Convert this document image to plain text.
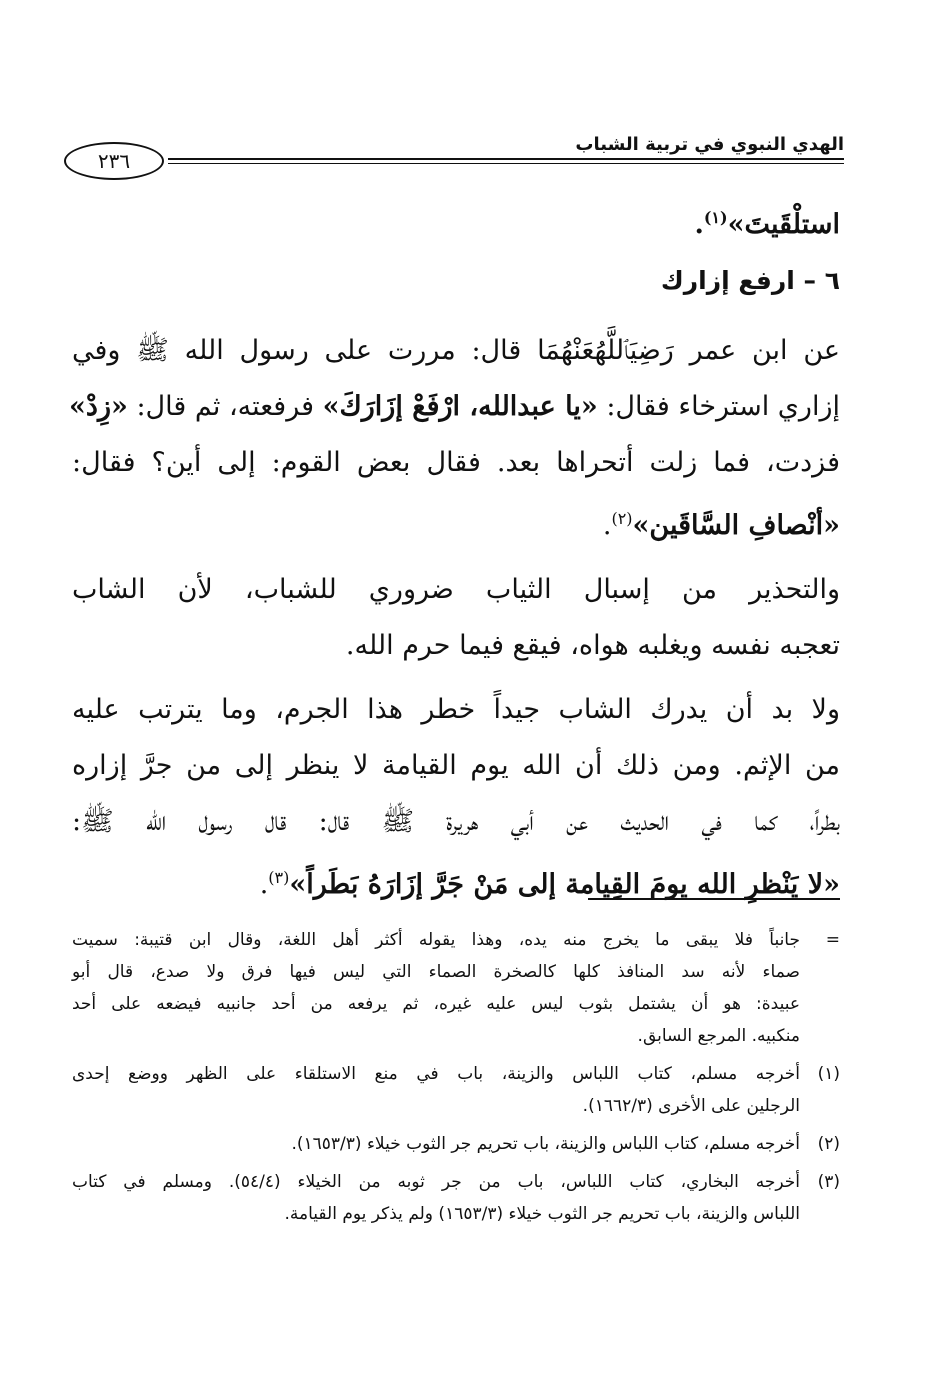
الهدي النبوي في تربية الشباب
٢٣٦

استلْقَيتَ»$^{(١)}$.

٦ – ارفع إزارك

عن ابن عمر رَضِيَٱللَّهُعَنْهُمَا قال: مررت على رسول الله ﷺ وفي

إزاري استرخاء فقال: «يا عبدالله، ارْفَعْ إزَارَكَ» فرفعته، ثم قال: «زِدْ»

فزدت، فما زلت أتحراها بعد. فقال بعض القوم: إلى أين؟ فقال:

«أنْصافِ السَّاقَين»$^{(٢)}$.

والتحذير من إسبال الثياب ضروري للشباب، لأن الشاب

تعجبه نفسه ويغلبه هواه، فيقع فيما حرم الله.

ولا بد أن يدرك الشاب جيداً خطر هذا الجرم، وما يترتب عليه

من الإثم. ومن ذلك أن الله يوم القيامة لا ينظر إلى من جرَّ إزاره

بطراً، كما في الحديث عن أبي هريرة ﷺ قال: قال رسول الله ﷺ:

«لا يَنْظرِ الله يومَ القِيامة إلى مَنْ جَرَّ إزَارَهُ بَطَراً»$^{(٣)}$.

=

جانباً فلا يبقى ما يخرج منه يده، وهذا يقوله أكثر أهل اللغة، وقال ابن قتيبة: سميت

صماء لأنه سد المنافذ كلها كالصخرة الصماء التي ليس فيها فرق ولا صدع، قال أبو

عبيدة: هو أن يشتمل بثوب ليس عليه غيره، ثم يرفعه من أحد جانبيه فيضعه على أحد

منكبيه. المرجع السابق.

(١)

أخرجه مسلم، كتاب اللباس والزينة، باب في منع الاستلقاء على الظهر ووضع إحدى

الرجلين على الأخرى (١٦٦٢/٣).

(٢)

أخرجه مسلم، كتاب اللباس والزينة، باب تحريم جر الثوب خيلاء (١٦٥٣/٣).

(٣)

أخرجه البخاري، كتاب اللباس، باب من جر ثوبه من الخيلاء (٥٤/٤). ومسلم في كتاب

اللباس والزينة، باب تحريم جر الثوب خيلاء (١٦٥٣/٣) ولم يذكر يوم القيامة.
